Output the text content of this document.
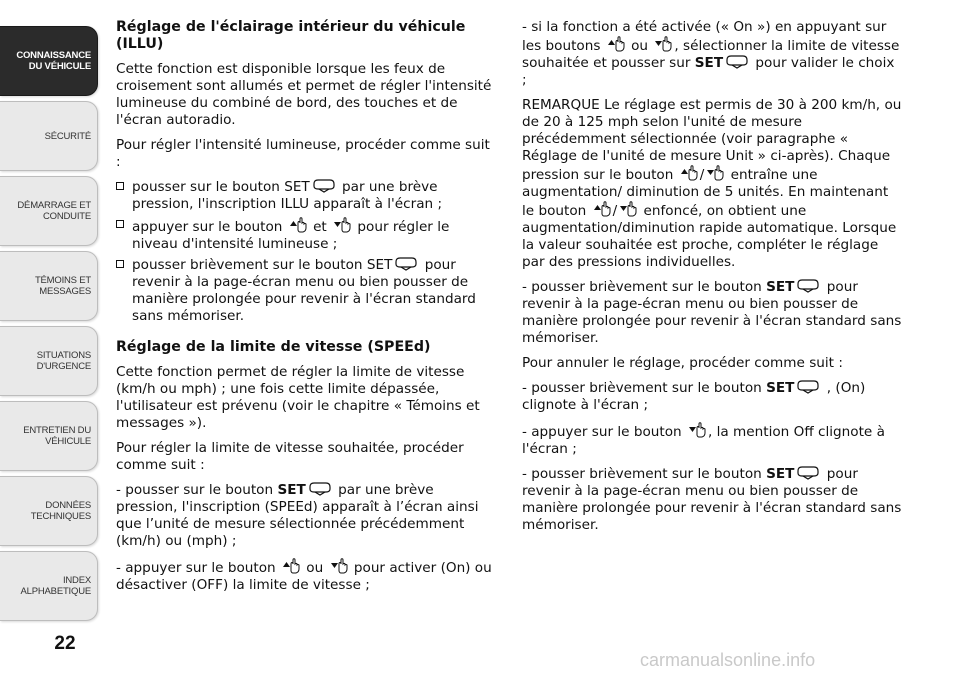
CONNAISSANCE
DU VÉHICULE
SÉCURITÉ
DÉMARRAGE ET
CONDUITE
TÉMOINS ET
MESSAGES
SITUATIONS
D'URGENCE
ENTRETIEN DU
VÉHICULE
DONNÉES
TECHNIQUES
INDEX
ALPHABETIQUE
22
Réglage de l'éclairage intérieur du véhicule (ILLU)

Cette fonction est disponible lorsque les feux de croisement sont allumés et permet de régler l'intensité lumineuse du combiné de bord, des touches et de l'écran autoradio.

Pour régler l'intensité lumineuse, procéder comme suit :

pousser sur le bouton SET par une brève pression, l'inscription ILLU apparaît à l'écran ;
appuyer sur le bouton  et  pour régler le niveau d'intensité lumineuse ;
pousser brièvement sur le bouton SET pour revenir à la page-écran menu ou bien pousser de manière prolongée pour revenir à l'écran standard sans mémoriser.
Réglage de la limite de vitesse (SPEEd)

Cette fonction permet de régler la limite de vitesse (km/h ou mph) ; une fois cette limite dépassée, l'utilisateur est prévenu (voir le chapitre « Témoins et messages »).

Pour régler la limite de vitesse souhaitée, procéder comme suit :

- pousser sur le bouton SET par une brève pression, l'inscription (SPEEd) apparaît à l’écran ainsi que l’unité de mesure sélectionnée précédemment (km/h) ou (mph) ;

- appuyer sur le bouton  ou  pour activer (On) ou désactiver (OFF) la limite de vitesse ;

- si la fonction a été activée (« On ») en appuyant sur les boutons  ou , sélectionner la limite de vitesse souhaitée et pousser sur SET pour valider le choix ;

REMARQUE Le réglage est permis de 30 à 200 km/h, ou de 20 à 125 mph selon l'unité de mesure précédemment sélectionnée (voir paragraphe « Réglage de l'unité de mesure Unit » ci-après). Chaque pression sur le bouton / entraîne une augmentation/ diminution de 5 unités. En maintenant le bouton / enfoncé, on obtient une augmentation/diminution rapide automatique. Lorsque la valeur souhaitée est proche, compléter le réglage par des pressions individuelles.

- pousser brièvement sur le bouton SET pour revenir à la page-écran menu ou bien pousser de manière prolongée pour revenir à l'écran standard sans mémoriser.

Pour annuler le réglage, procéder comme suit :

- pousser brièvement sur le bouton SET , (On) clignote à l'écran ;

- appuyer sur le bouton , la mention Off clignote à l'écran ;

- pousser brièvement sur le bouton SET pour revenir à la page-écran menu ou bien pousser de manière prolongée pour revenir à l'écran standard sans mémoriser.

carmanualsonline.info
